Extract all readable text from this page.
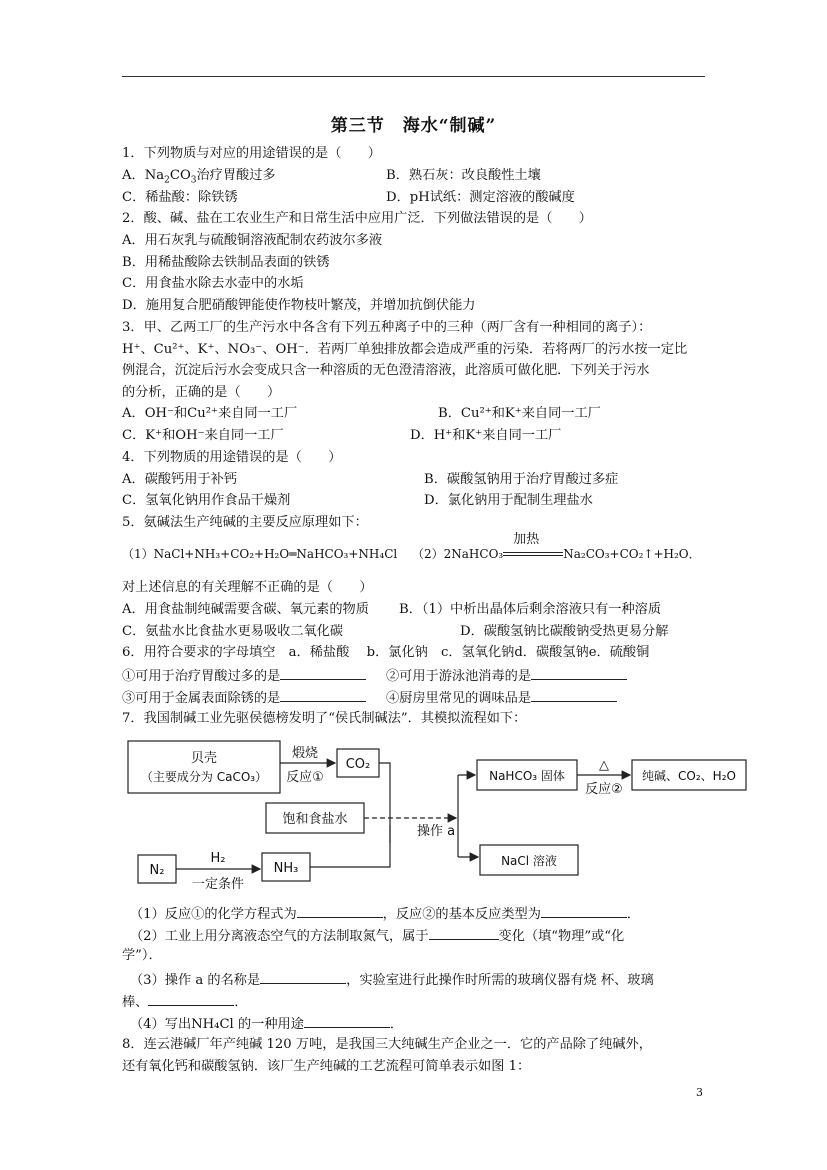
第三节　海水“制碱”
1．下列物质与对应的用途错误的是（　　）
A．$Na_2CO_3$治疗胃酸过多	B．熟石灰：改良酸性土壤
C．稀盐酸：除铁锈	D．pH试纸：测定溶液的酸碱度
2．酸、碱、盐在工农业生产和日常生活中应用广泛．下列做法错误的是（　　）
A．用石灰乳与硫酸铜溶液配制农药波尔多液
B．用稀盐酸除去铁制品表面的铁锈
C．用食盐水除去水壶中的水垢
D．施用复合肥硝酸钾能使作物枝叶繁茂，并增加抗倒伏能力
3．甲、乙两工厂的生产污水中各含有下列五种离子中的三种（两厂含有一种相同的离子）：
H⁺、Cu²⁺、K⁺、NO₃⁻、OH⁻．若两厂单独排放都会造成严重的污染．若将两厂的污水按一定比
例混合，沉淀后污水会变成只含一种溶质的无色澄清溶液，此溶质可做化肥．下列关于污水
的分析，正确的是（　　）
A．OH⁻和Cu²⁺来自同一工厂	B．Cu²⁺和K⁺来自同一工厂
C．K⁺和OH⁻来自同一工厂	D．H⁺和K⁺来自同一工厂
4．下列物质的用途错误的是（　　）
A．碳酸钙用于补钙	B．碳酸氢钠用于治疗胃酸过多症
C．氢氧化钠用作食品干燥剂	D．氯化钠用于配制生理盐水
5．氨碱法生产纯碱的主要反应原理如下：
（1）NaCl+NH₃+CO₂+H₂O═NaHCO₃+NH₄Cl （2）2NaHCO₃
加热
Na₂CO₃+CO₂↑+H₂O．
对上述信息的有关理解不正确的是（　　）
A．用食盐制纯碱需要含碳、氧元素的物质 B．（1）中析出晶体后剩余溶液只有一种溶质
C．氨盐水比食盐水更易吸收二氧化碳	D．碳酸氢钠比碳酸钠受热更易分解
6．用符合要求的字母填空　a．稀盐酸　 b．氯化钠　c．氢氧化钠d．碳酸氢钠e．硫酸铜
①可用于治疗胃酸过多的是	②可用于游泳池消毒的是
③可用于金属表面除锈的是	④厨房里常见的调味品是
7．我国制碱工业先驱侯德榜发明了“侯氏制碱法”．其模拟流程如下：
贝壳
（主要成分为 CaCO₃）
煅烧
反应①
CO₂
饱和食盐水
N₂
H₂
一定条件
NH₃
操作 a
NaHCO₃ 固体
△
反应②
纯碱、CO₂、H₂O
NaCl 溶液
（1）反应①的化学方程式为	，反应②的基本反应类型为	．
（2）工业上用分离液态空气的方法制取氮气，属于	变化（填“物理”或“化
学”）．
（3）操作 a 的名称是	，实验室进行此操作时所需的玻璃仪器有烧 杯、玻璃
棒、	．
（4）写出NH₄Cl 的一种用途	．
8．连云港碱厂年产纯碱 120 万吨，是我国三大纯碱生产企业之一．它的产品除了纯碱外，
还有氧化钙和碳酸氢钠．该厂生产纯碱的工艺流程可简单表示如图 1：
3
